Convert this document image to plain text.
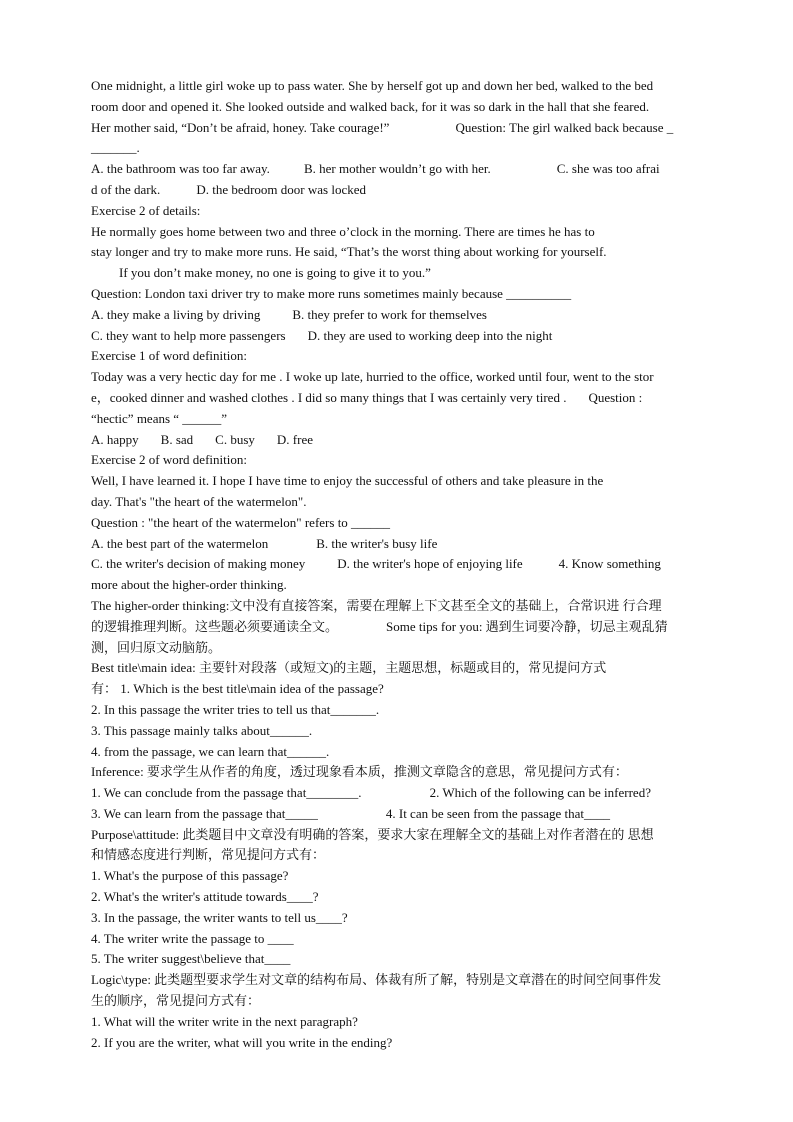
One midnight, a little girl woke up to pass water. She by herself got up and down her bed, walked to the bed
room door and opened it. She looked outside and walked back, for it was so dark in the hall that she feared.
Her mother said, “Don’t be afraid, honey. Take courage!”	Question: The girl walked back because _
_______.
A. the bathroom was too far away.	B. her mother wouldn’t go with her.	C. she was too afrai
d of the dark.	D. the bedroom door was locked
Exercise 2 of details:
He normally goes home between two and three o’clock in the morning. There are times he has to
stay longer and try to make more runs. He said, “That’s the worst thing about working for yourself.
If you don’t make money, no one is going to give it to you.”
Question: London taxi driver try to make more runs sometimes mainly because __________
A. they make a living by driving B. they prefer to work for themselves
C. they want to help more passengers D. they are used to working deep into the night
Exercise 1 of word definition:
Today was a very hectic day for me . I woke up late, hurried to the office, worked until four, went to the stor
e，cooked dinner and washed clothes . I did so many things that I was certainly very tired . Question :
“hectic” means “ ______”
A. happy B. sad C. busy D. free
Exercise 2 of word definition:
Well, I have learned it. I hope I have time to enjoy the successful of others and take pleasure in the
day. That's "the heart of the watermelon".
Question : "the heart of the watermelon" refers to ______
A. the best part of the watermelon	B. the writer's busy life
C. the writer's decision of making money D. the writer's hope of enjoying life	4. Know something
more about the higher-order thinking.
The higher-order thinking:文中没有直接答案，需要在理解上下文甚至全文的基础上，合常识进 行合理
的逻辑推理判断。这些题必须要通读全文。	Some tips for you: 遇到生词要冷静，切忌主观乱猜
测，回归原文动脑筋。
Best title\main idea: 主要针对段落（或短文)的主题，主题思想，标题或目的，常见提问方式
有： 1. Which is the best title\main idea of the passage?
2. In this passage the writer tries to tell us that_______.
3. This passage mainly talks about______.
4. from the passage, we can learn that______.
Inference: 要求学生从作者的角度，透过现象看本质，推测文章隐含的意思，常见提问方式有：
1. We can conclude from the passage that________.	2. Which of the following can be inferred?
3. We can learn from the passage that_____	4. It can be seen from the passage that____
Purpose\attitude: 此类题目中文章没有明确的答案，要求大家在理解全文的基础上对作者潜在的 思想
和情感态度进行判断，常见提问方式有：
1. What's the purpose of this passage?
2. What's the writer's attitude towards____?
3. In the passage, the writer wants to tell us____?
4. The writer write the passage to ____
5. The writer suggest\believe that____
Logic\type: 此类题型要求学生对文章的结构布局、体裁有所了解，特别是文章潜在的时间空间事件发
生的顺序，常见提问方式有：
1. What will the writer write in the next paragraph?
2. If you are the writer, what will you write in the ending?
